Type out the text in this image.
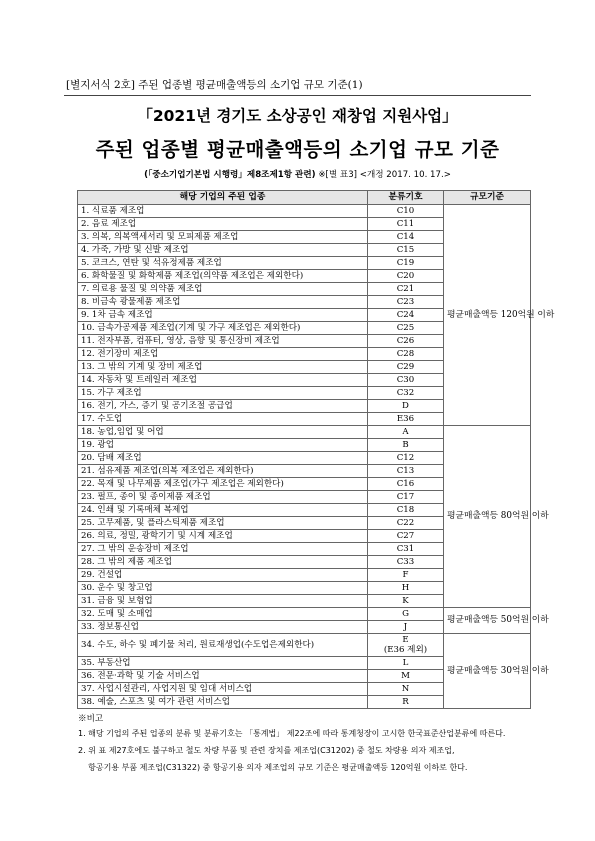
[별지서식 2호] 주된 업종별 평균매출액등의 소기업 규모 기준(1)
「2021년 경기도 소상공인 재창업 지원사업」
주된 업종별 평균매출액등의 소기업 규모 기준
(「중소기업기본법 시행령」제8조제1항 관련) ※[별 표3] <개정 2017. 10. 17.>
해당 기업의 주된 업종	분류기호	규모기준
1. 식료품 제조업	C10	평균매출액등 120억원 이하
2. 음료 제조업	C11	
3. 의복, 의복액세서리 및 모피제품 제조업	C14	
4. 가죽, 가방 및 신발 제조업	C15	
5. 코크스, 연탄 및 석유정제품 제조업	C19	
6. 화학물질 및 화학제품 제조업(의약품 제조업은 제외한다)	C20	
7. 의료용 물질 및 의약품 제조업	C21	
8. 비금속 광물제품 제조업	C23	
9. 1차 금속 제조업	C24	
10. 금속가공제품 제조업(기계 및 가구 제조업은 제외한다)	C25	
11. 전자부품, 컴퓨터, 영상, 음향 및 통신장비 제조업	C26	
12. 전기장비 제조업	C28	
13. 그 밖의 기계 및 장비 제조업	C29	
14. 자동차 및 트레일러 제조업	C30	
15. 가구 제조업	C32	
16. 전기, 가스, 증기 및 공기조절 공급업	D	
17. 수도업	E36	
18. 농업,임업 및 어업	A	평균매출액등 80억원 이하
19. 광업	B	
20. 담배 제조업	C12	
21. 섬유제품 제조업(의복 제조업은 제외한다)	C13	
22. 목재 및 나무제품 제조업(가구 제조업은 제외한다)	C16	
23. 펄프, 종이 및 종이제품 제조업	C17	
24. 인쇄 및 기록매체 복제업	C18	
25. 고무제품, 및 플라스틱제품 제조업	C22	
26. 의료, 정밀, 광학기기 및 시계 제조업	C27	
27. 그 밖의 운송장비 제조업	C31	
28. 그 밖의 제품 제조업	C33	
29. 건설업	F	
30. 운수 및 창고업	H	
31. 금융 및 보험업	K	
32. 도매 및 소매업	G	평균매출액등 50억원 이하
33. 정보통신업	J	
34. 수도, 하수 및 폐기물 처리, 원료재생업(수도업은제외한다)	E
(E36 제외)	평균매출액등 30억원 이하
35. 부동산업	L	
36. 전문·과학 및 기술 서비스업	M	
37. 사업시설관리, 사업지원 및 임대 서비스업	N	
38. 예술, 스포츠 및 여가 관련 서비스업	R	
※비고
1. 해당 기업의 주된 업종의 분류 및 분류기호는 「통계법」 제22조에 따라 통계청장이 고시한 한국표준산업분류에 따른다.
2. 위 표 제27호에도 불구하고 철도 차량 부품 및 관련 장치를 제조업(C31202) 중 철도 차량용 의자 제조업,
항공기용 부품 제조업(C31322) 중 항공기용 의자 제조업의 규모 기준은 평균매출액등 120억원 이하로 한다.
